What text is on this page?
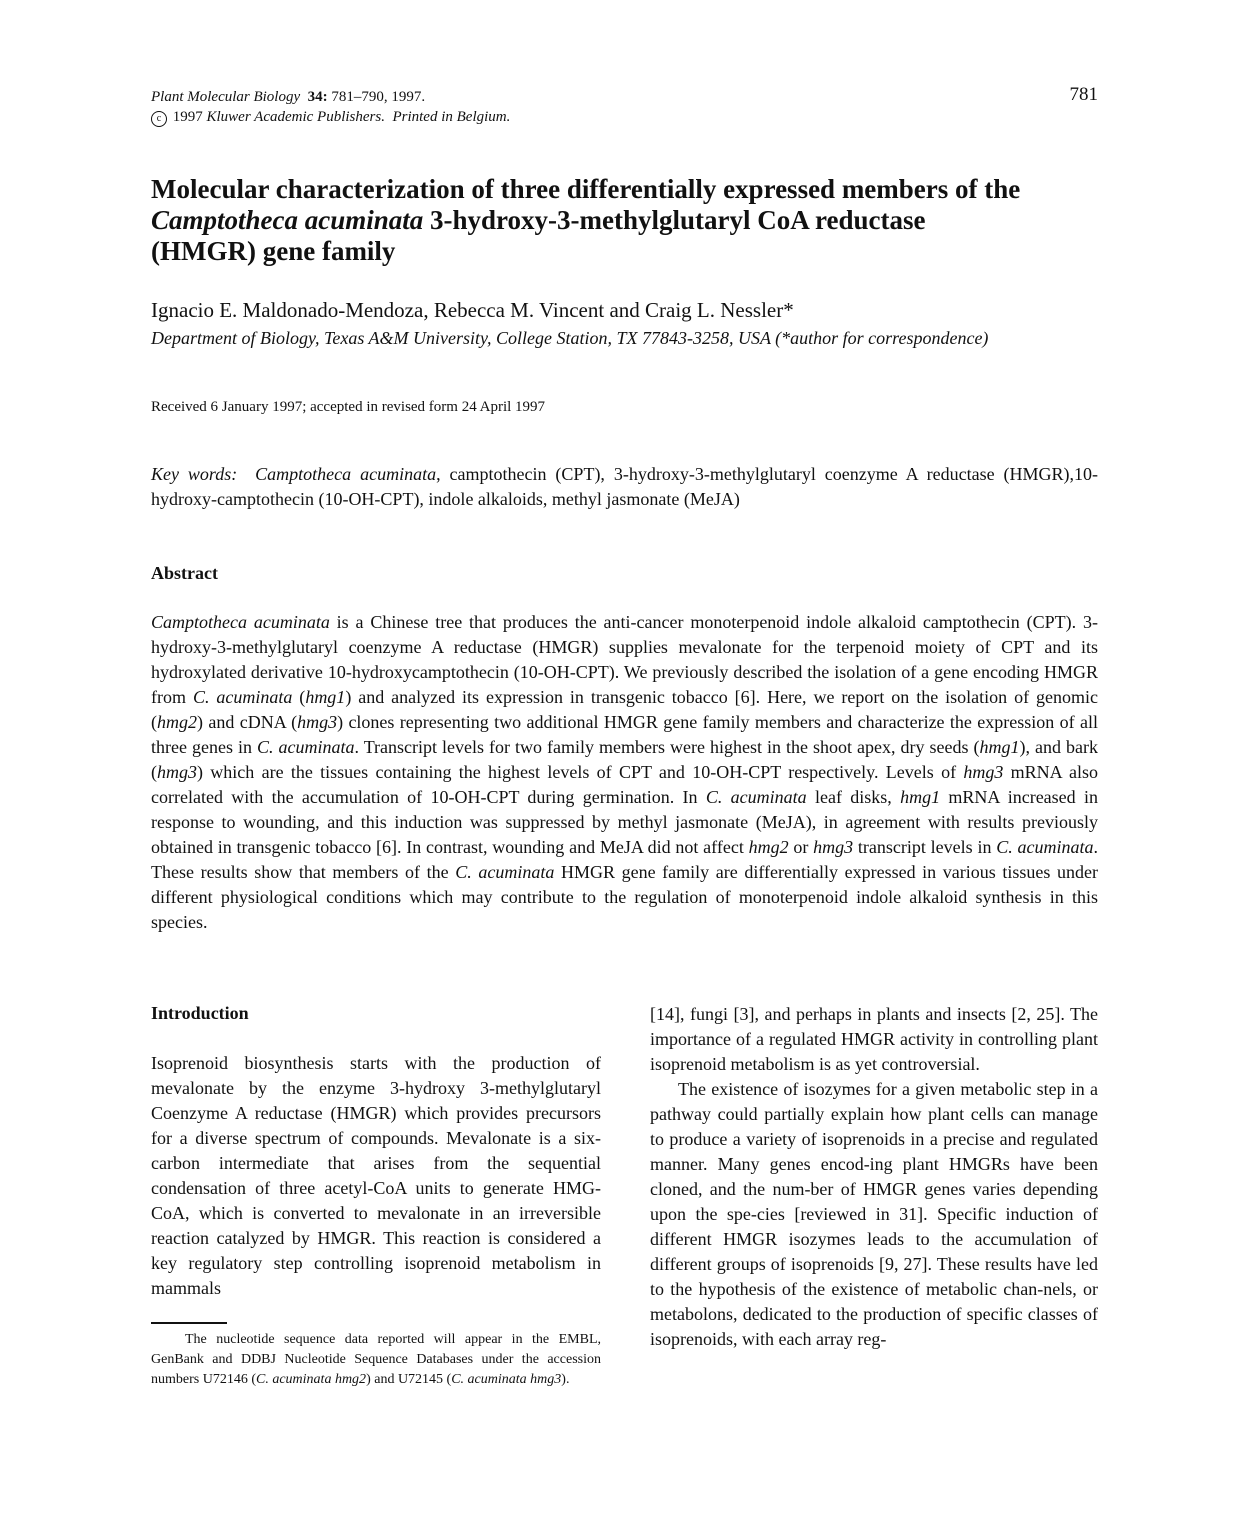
Plant Molecular Biology 34: 781–790, 1997.
c 1997 Kluwer Academic Publishers. Printed in Belgium.
781
Molecular characterization of three differentially expressed members of the
Camptotheca acuminata 3-hydroxy-3-methylglutaryl CoA reductase
(HMGR) gene family
Ignacio E. Maldonado-Mendoza, Rebecca M. Vincent and Craig L. Nessler*
Department of Biology, Texas A&M University, College Station, TX 77843-3258, USA (*author for correspondence)
Received 6 January 1997; accepted in revised form 24 April 1997
Key words: Camptotheca acuminata, camptothecin (CPT), 3-hydroxy-3-methylglutaryl coenzyme A reductase (HMGR),10-hydroxy-camptothecin (10-OH-CPT), indole alkaloids, methyl jasmonate (MeJA)
Abstract
Camptotheca acuminata is a Chinese tree that produces the anti-cancer monoterpenoid indole alkaloid camptothecin (CPT). 3-hydroxy-3-methylglutaryl coenzyme A reductase (HMGR) supplies mevalonate for the terpenoid moiety of CPT and its hydroxylated derivative 10-hydroxycamptothecin (10-OH-CPT). We previously described the isolation of a gene encoding HMGR from C. acuminata (hmg1) and analyzed its expression in transgenic tobacco [6]. Here, we report on the isolation of genomic (hmg2) and cDNA (hmg3) clones representing two additional HMGR gene family members and characterize the expression of all three genes in C. acuminata. Transcript levels for two family members were highest in the shoot apex, dry seeds (hmg1), and bark (hmg3) which are the tissues containing the highest levels of CPT and 10-OH-CPT respectively. Levels of hmg3 mRNA also correlated with the accumulation of 10-OH-CPT during germination. In C. acuminata leaf disks, hmg1 mRNA increased in response to wounding, and this induction was suppressed by methyl jasmonate (MeJA), in agreement with results previously obtained in transgenic tobacco [6]. In contrast, wounding and MeJA did not affect hmg2 or hmg3 transcript levels in C. acuminata. These results show that members of the C. acuminata HMGR gene family are differentially expressed in various tissues under different physiological conditions which may contribute to the regulation of monoterpenoid indole alkaloid synthesis in this species.
Introduction
Isoprenoid biosynthesis starts with the production of mevalonate by the enzyme 3-hydroxy 3-methylglutaryl Coenzyme A reductase (HMGR) which provides precursors for a diverse spectrum of compounds. Mevalonate is a six-carbon intermediate that arises from the sequential condensation of three acetyl-CoA units to generate HMG-CoA, which is converted to mevalonate in an irreversible reaction catalyzed by HMGR. This reaction is considered a key regulatory step controlling isoprenoid metabolism in mammals

[14], fungi [3], and perhaps in plants and insects [2, 25]. The importance of a regulated HMGR activity in controlling plant isoprenoid metabolism is as yet controversial.

The existence of isozymes for a given metabolic step in a pathway could partially explain how plant cells can manage to produce a variety of isoprenoids in a precise and regulated manner. Many genes encod-ing plant HMGRs have been cloned, and the num-ber of HMGR genes varies depending upon the spe-cies [reviewed in 31]. Specific induction of different HMGR isozymes leads to the accumulation of different groups of isoprenoids [9, 27]. These results have led to the hypothesis of the existence of metabolic chan-nels, or metabolons, dedicated to the production of specific classes of isoprenoids, with each array reg-

The nucleotide sequence data reported will appear in the EMBL, GenBank and DDBJ Nucleotide Sequence Databases under the accession numbers U72146 (C. acuminata hmg2) and U72145 (C. acuminata hmg3).
